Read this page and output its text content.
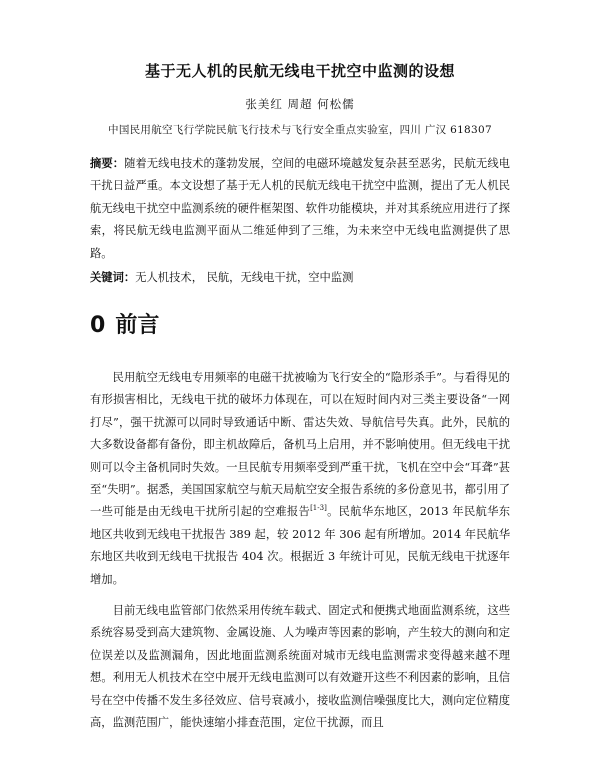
基于无人机的民航无线电干扰空中监测的设想
张美红 周超 何松儒
中国民用航空飞行学院民航飞行技术与飞行安全重点实验室，四川 广汉 618307

摘要：随着无线电技术的蓬勃发展，空间的电磁环境越发复杂甚至恶劣，民航无线电干扰日益严重。本文设想了基于无人机的民航无线电干扰空中监测，提出了无人机民航无线电干扰空中监测系统的硬件框架图、软件功能模块，并对其系统应用进行了探索，将民航无线电监测平面从二维延伸到了三维，为未来空中无线电监测提供了思路。

关键词：无人机技术， 民航，无线电干扰，空中监测

0 前言

民用航空无线电专用频率的电磁干扰被喻为飞行安全的“隐形杀手”。与看得见的有形损害相比，无线电干扰的破坏力体现在，可以在短时间内对三类主要设备“一网打尽”，强干扰源可以同时导致通话中断、雷达失效、导航信号失真。此外，民航的大多数设备都有备份，即主机故障后，备机马上启用，并不影响使用。但无线电干扰则可以令主备机同时失效。一旦民航专用频率受到严重干扰，飞机在空中会“耳聋”甚至“失明”。据悉，美国国家航空与航天局航空安全报告系统的多份意见书，都引用了一些可能是由无线电干扰所引起的空难报告[1-3]。民航华东地区，2013 年民航华东地区共收到无线电干扰报告 389 起，较 2012 年 306 起有所增加。2014 年民航华东地区共收到无线电干扰报告 404 次。根据近 3 年统计可见，民航无线电干扰逐年增加。

目前无线电监管部门依然采用传统车载式、固定式和便携式地面监测系统，这些系统容易受到高大建筑物、金属设施、人为噪声等因素的影响，产生较大的测向和定位误差以及监测漏角，因此地面监测系统面对城市无线电监测需求变得越来越不理想。利用无人机技术在空中展开无线电监测可以有效避开这些不利因素的影响，且信号在空中传播不发生多径效应、信号衰减小，接收监测信噪强度比大，测向定位精度高，监测范围广，能快速缩小排查范围，定位干扰源，而且
